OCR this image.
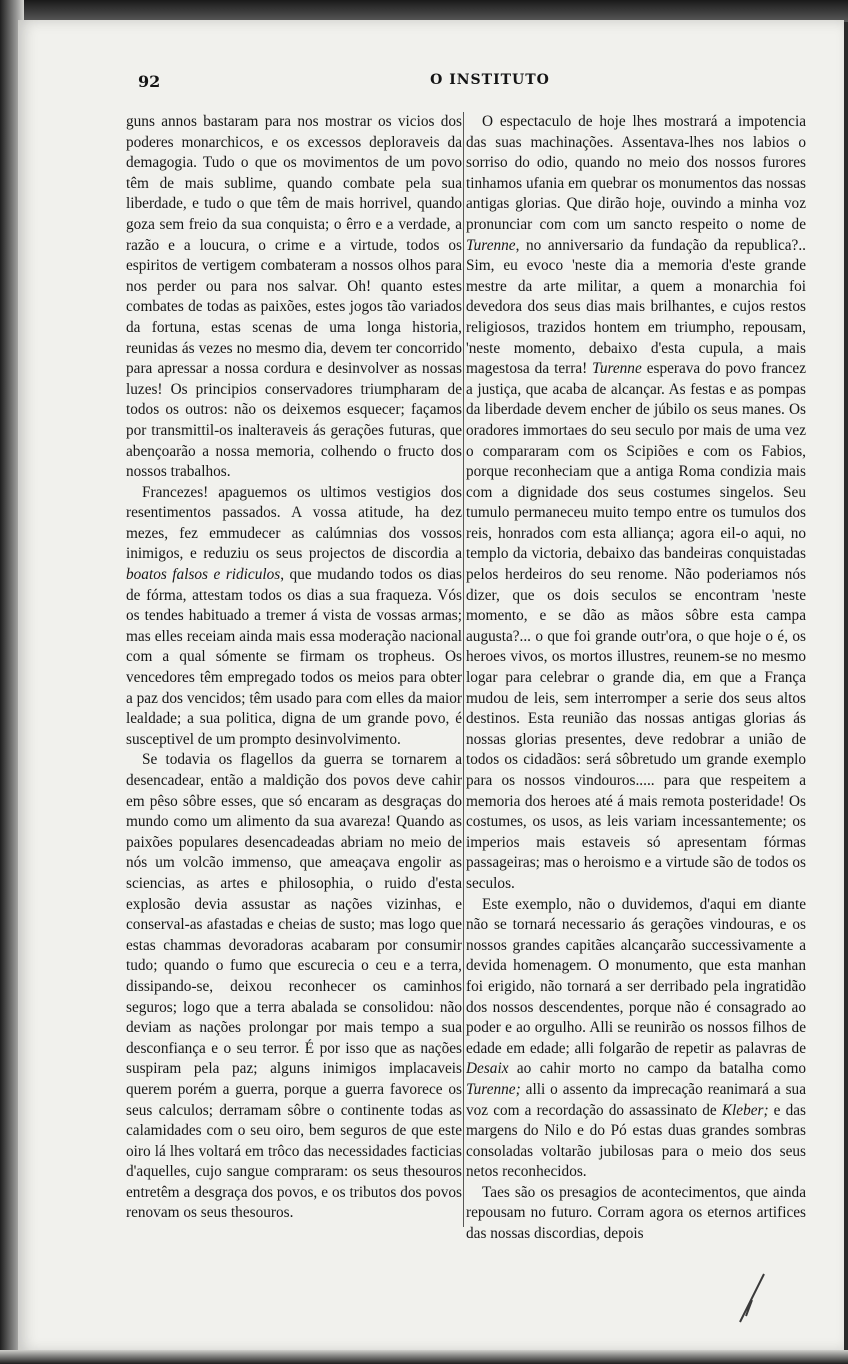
92	O INSTITUTO

guns annos bastaram para nos mostrar os vicios dos poderes monarchicos, e os excessos deploraveis da demagogia. Tudo o que os movimentos de um povo têm de mais sublime, quando combate pela sua liberdade, e tudo o que têm de mais horrivel, quando goza sem freio da sua conquista; o êrro e a verdade, a razão e a loucura, o crime e a virtude, todos os espiritos de vertigem combateram a nossos olhos para nos perder ou para nos salvar. Oh! quanto estes combates de todas as paixões, estes jogos tão variados da fortuna, estas scenas de uma longa historia, reunidas ás vezes no mesmo dia, devem ter concorrido para apressar a nossa cordura e desinvolver as nossas luzes! Os principios conservadores triumpharam de todos os outros: não os deixemos esquecer; façamos por transmittil-os inalteraveis ás gerações futuras, que abençoarão a nossa memoria, colhendo o fructo dos nossos trabalhos.

Francezes! apaguemos os ultimos vestigios dos resentimentos passados. A vossa atitude, ha dez mezes, fez emmudecer as calúmnias dos vossos inimigos, e reduziu os seus projectos de discordia a boatos falsos e ridiculos, que mudando todos os dias de fórma, attestam todos os dias a sua fraqueza. Vós os tendes habituado a tremer á vista de vossas armas; mas elles receiam ainda mais essa moderação nacional com a qual sómente se firmam os tropheus. Os vencedores têm empregado todos os meios para obter a paz dos vencidos; têm usado para com elles da maior lealdade; a sua politica, digna de um grande povo, é susceptivel de um prompto desinvolvimento.

Se todavia os flagellos da guerra se tornarem a desencadear, então a maldição dos povos deve cahir em pêso sôbre esses, que só encaram as desgraças do mundo como um alimento da sua avareza! Quando as paixões populares desencadeadas abriam no meio de nós um volcão immenso, que ameaçava engolir as sciencias, as artes e philosophia, o ruido d'esta explosão devia assustar as nações vizinhas, e conserval-as afastadas e cheias de susto; mas logo que estas chammas devoradoras acabaram por consumir tudo; quando o fumo que escurecia o ceu e a terra, dissipando-se, deixou reconhecer os caminhos seguros; logo que a terra abalada se consolidou: não deviam as nações prolongar por mais tempo a sua desconfiança e o seu terror. É por isso que as nações suspiram pela paz; alguns inimigos implacaveis querem porém a guerra, porque a guerra favorece os seus calculos; derramam sôbre o continente todas as calamidades com o seu oiro, bem seguros de que este oiro lá lhes voltará em trôco das necessidades facticias d'aquelles, cujo sangue compraram: os seus thesouros entretêm a desgraça dos povos, e os tributos dos povos renovam os seus thesouros.

O espectaculo de hoje lhes mostrará a impotencia das suas machinações. Assentava-lhes nos labios o sorriso do odio, quando no meio dos nossos furores tinhamos ufania em quebrar os monumentos das nossas antigas glorias. Que dirão hoje, ouvindo a minha voz pronunciar com com um sancto respeito o nome de Turenne, no anniversario da fundação da republica?.. Sim, eu evoco 'neste dia a memoria d'este grande mestre da arte militar, a quem a monarchia foi devedora dos seus dias mais brilhantes, e cujos restos religiosos, trazidos hontem em triumpho, repousam, 'neste momento, debaixo d'esta cupula, a mais magestosa da terra! Turenne esperava do povo francez a justiça, que acaba de alcançar. As festas e as pompas da liberdade devem encher de júbilo os seus manes. Os oradores immortaes do seu seculo por mais de uma vez o compararam com os Scipiões e com os Fabios, porque reconheciam que a antiga Roma condizia mais com a dignidade dos seus costumes singelos. Seu tumulo permaneceu muito tempo entre os tumulos dos reis, honrados com esta alliança; agora eil-o aqui, no templo da victoria, debaixo das bandeiras conquistadas pelos herdeiros do seu renome. Não poderiamos nós dizer, que os dois seculos se encontram 'neste momento, e se dão as mãos sôbre esta campa augusta?... o que foi grande outr'ora, o que hoje o é, os heroes vivos, os mortos illustres, reunem-se no mesmo logar para celebrar o grande dia, em que a França mudou de leis, sem interromper a serie dos seus altos destinos. Esta reunião das nossas antigas glorias ás nossas glorias presentes, deve redobrar a união de todos os cidadãos: será sôbretudo um grande exemplo para os nossos vindouros..... para que respeitem a memoria dos heroes até á mais remota posteridade! Os costumes, os usos, as leis variam incessantemente; os imperios mais estaveis só apresentam fórmas passageiras; mas o heroismo e a virtude são de todos os seculos.

Este exemplo, não o duvidemos, d'aqui em diante não se tornará necessario ás gerações vindouras, e os nossos grandes capitães alcançarão successivamente a devida homenagem. O monumento, que esta manhan foi erigido, não tornará a ser derribado pela ingratidão dos nossos descendentes, porque não é consagrado ao poder e ao orgulho. Alli se reunirão os nossos filhos de edade em edade; alli folgarão de repetir as palavras de Desaix ao cahir morto no campo da batalha como Turenne; alli o assento da imprecação reanimará a sua voz com a recordação do assassinato de Kleber; e das margens do Nilo e do Pó estas duas grandes sombras consoladas voltarão jubilosas para o meio dos seus netos reconhecidos.

Taes são os presagios de acontecimentos, que ainda repousam no futuro. Corram agora os eternos artifices das nossas discordias, depois
